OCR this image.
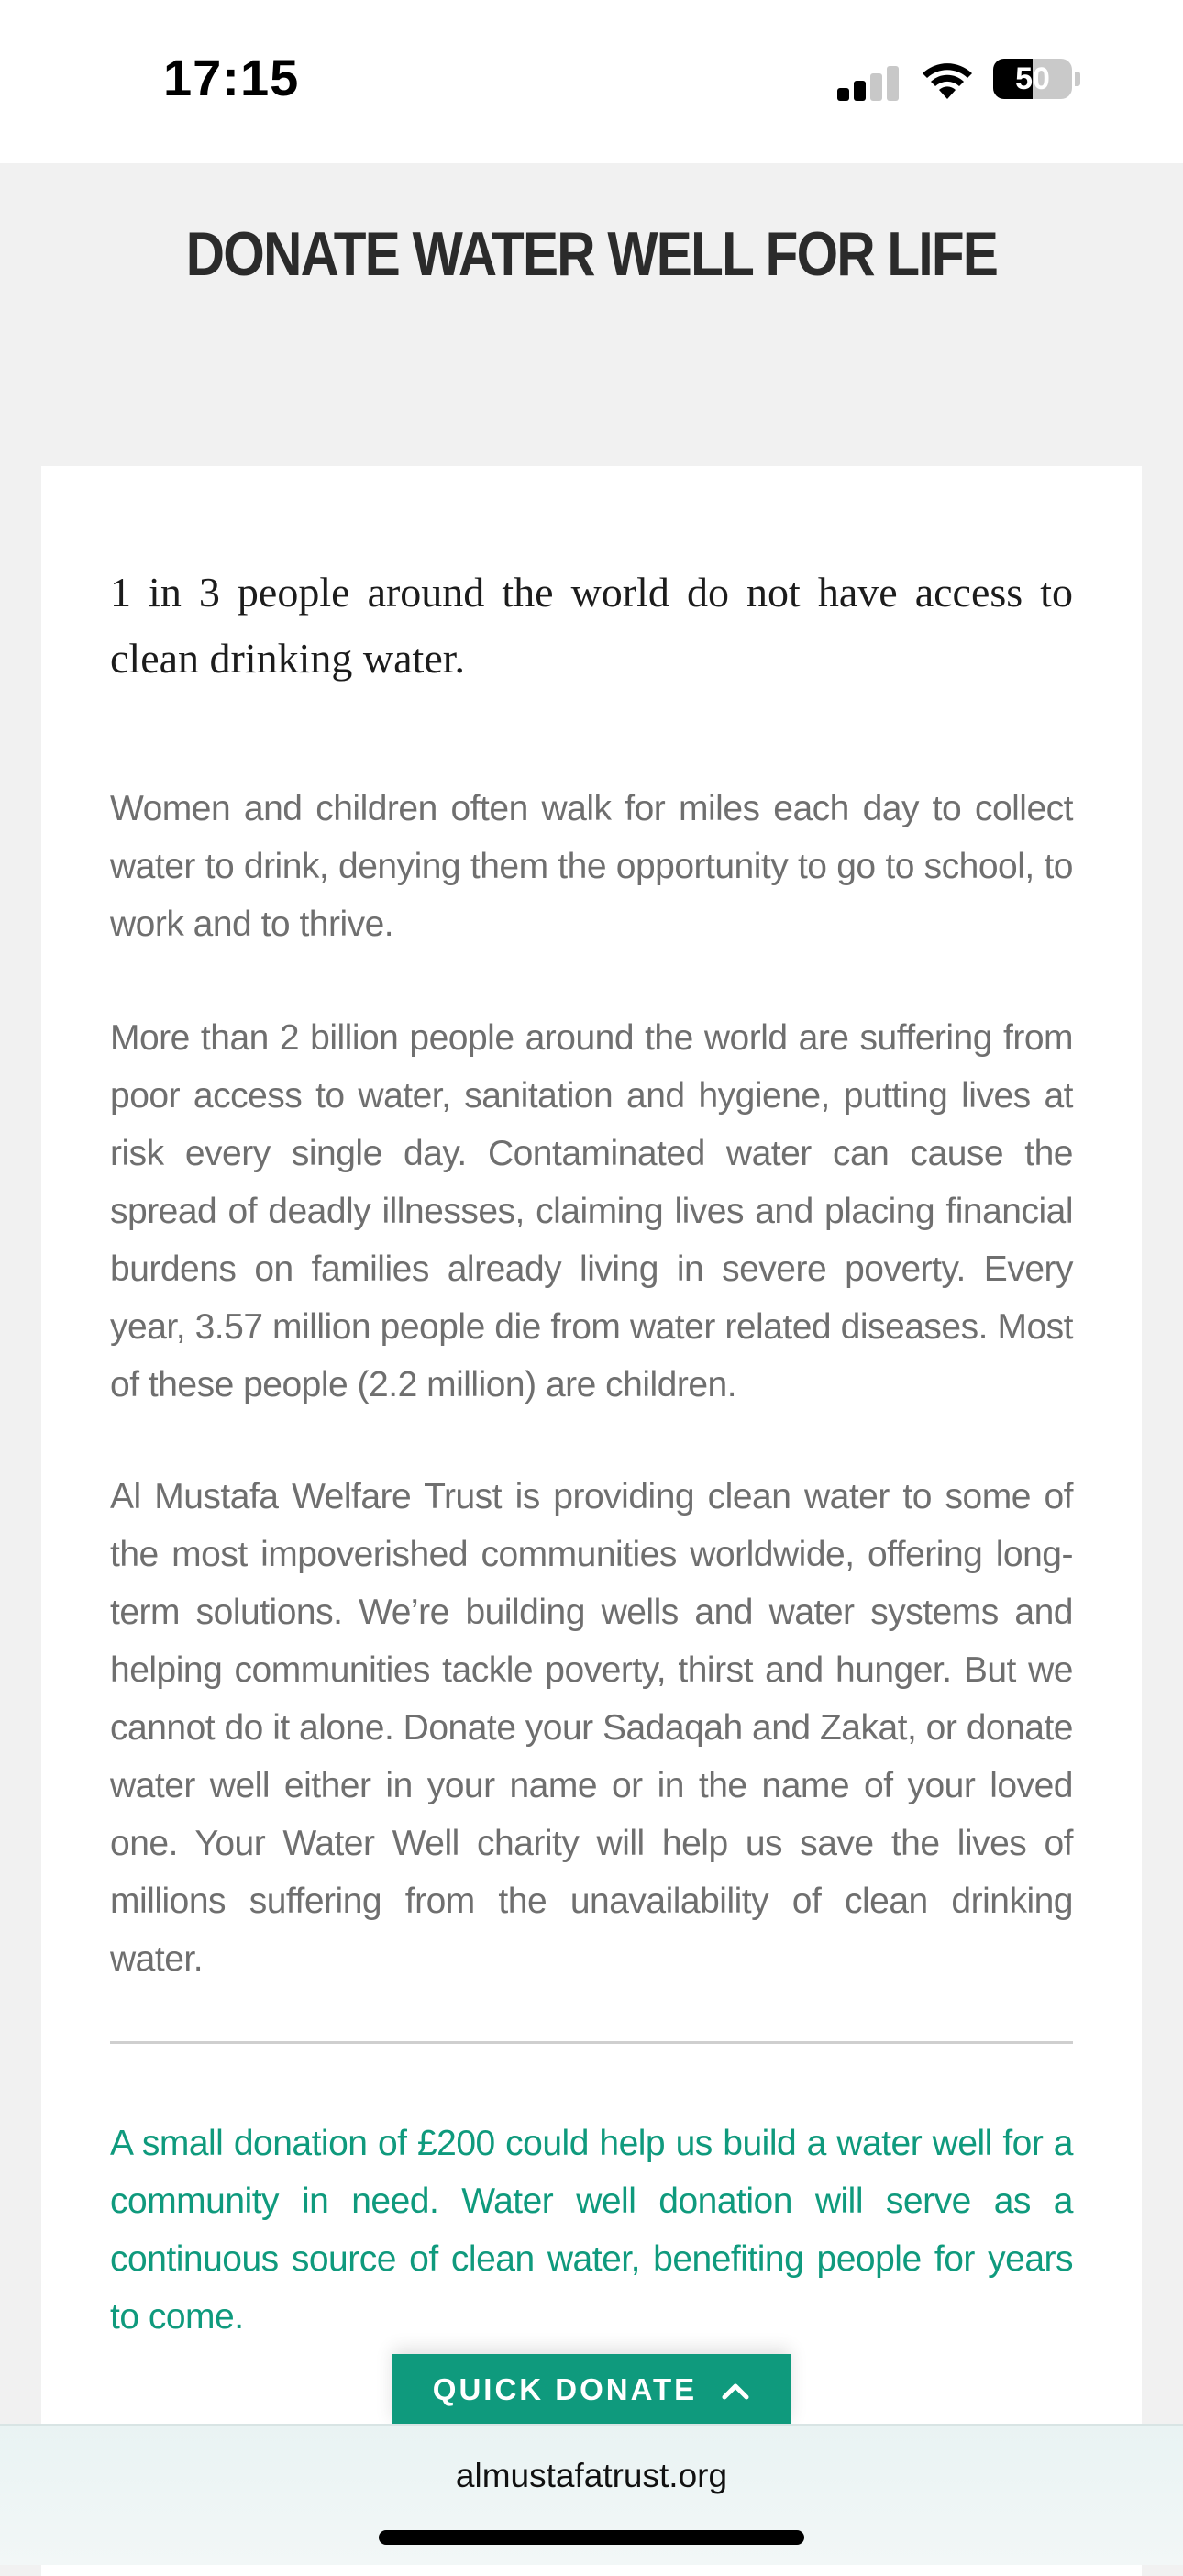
17:15	50
DONATE WATER WELL FOR LIFE

1 in 3 people around the world do not have access to clean drinking water.

Women and children often walk for miles each day to collect water to drink, denying them the opportunity to go to school, to work and to thrive.

More than 2 billion people around the world are suffering from poor access to water, sanitation and hygiene, putting lives at risk every single day. Contaminated water can cause the spread of deadly illnesses, claiming lives and placing financial burdens on families already living in severe poverty. Every year, 3.57 million people die from water related diseases. Most of these people (2.2 million) are children.

Al Mustafa Welfare Trust is providing clean water to some of the most impoverished communities worldwide, offering long-term solutions. We’re building wells and water systems and helping communities tackle poverty, thirst and hunger. But we cannot do it alone. Donate your Sadaqah and Zakat, or donate water well either in your name or in the name of your loved one. Your Water Well charity will help us save the lives of millions suffering from the unavailability of clean drinking water.

A small donation of £200 could help us build a water well for a community in need. Water well donation will serve as a continuous source of clean water, benefiting people for years to come.

QUICK DONATE
almustafatrust.org
